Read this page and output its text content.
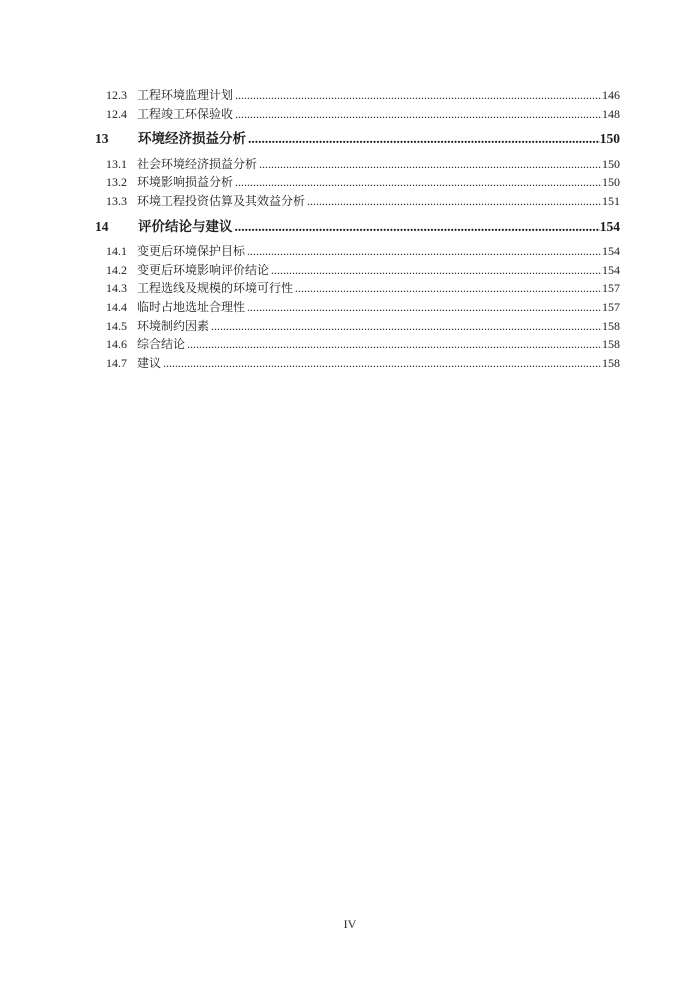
12.3 工程环境监理计划 .....	146
12.4 工程竣工环保验收 .....	148
13	环境经济损益分析 .....	150
13.1 社会环境经济损益分析 .....	150
13.2 环境影响损益分析 .....	150
13.3 环境工程投资估算及其效益分析 .....	151
14	评价结论与建议 .....	154
14.1 变更后环境保护目标 .....	154
14.2 变更后环境影响评价结论 .....	154
14.3 工程选线及规模的环境可行性 .....	157
14.4 临时占地选址合理性 .....	157
14.5 环境制约因素 .....	158
14.6 综合结论 .....	158
14.7 建议 .....	158
IV
